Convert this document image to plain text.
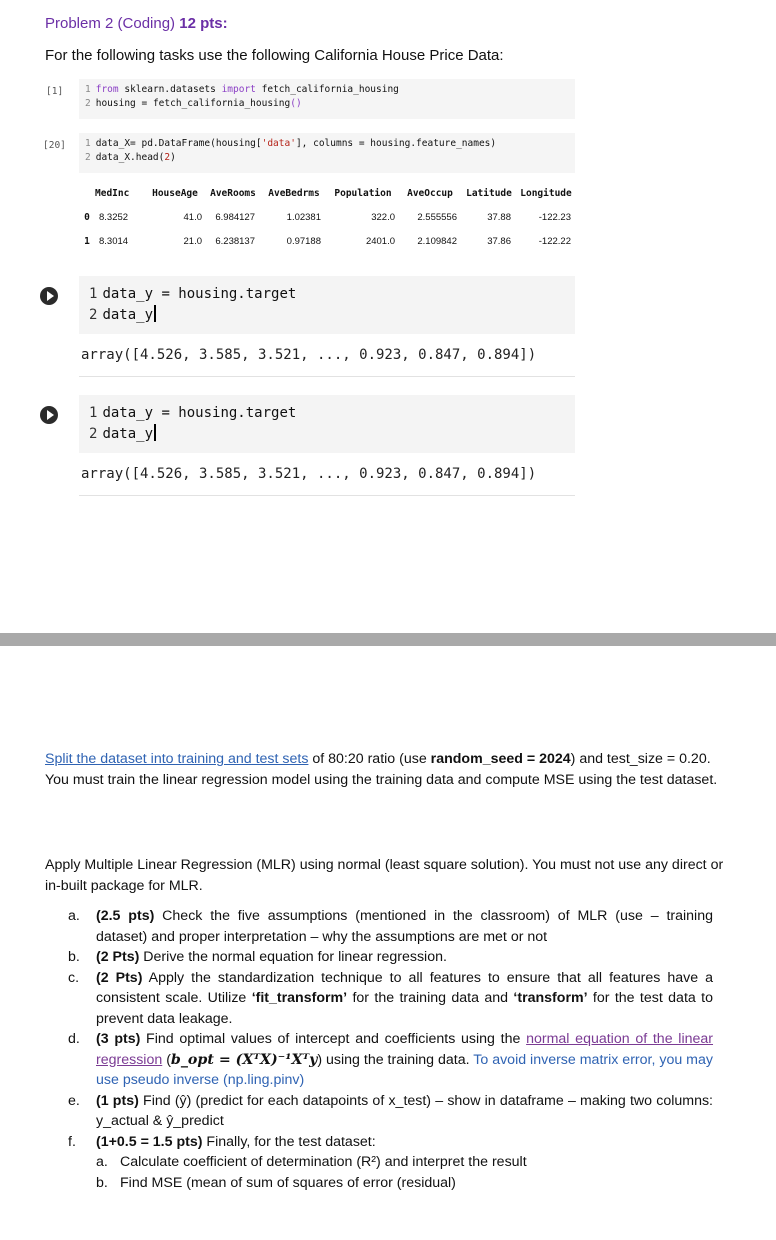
Problem 2 (Coding) 12 pts:
For the following tasks use the following California House Price Data:
[1] 1 from sklearn.datasets import fetch_california_housing
2 housing = fetch_california_housing()
[20] 1 data_X= pd.DataFrame(housing['data'], columns = housing.feature_names)
2 data_X.head(2)
	MedInc	HouseAge	AveRooms	AveBedrms	Population	AveOccup	Latitude	Longitude
0	8.3252	41.0	6.984127	1.02381	322.0	2.555556	37.88	-122.23
1	8.3014	21.0	6.238137	0.97188	2401.0	2.109842	37.86	-122.22
1 data_y = housing.target
2 data_y
array([4.526, 3.585, 3.521, ..., 0.923, 0.847, 0.894])
1 data_y = housing.target
2 data_y
array([4.526, 3.585, 3.521, ..., 0.923, 0.847, 0.894])
Split the dataset into training and test sets of 80:20 ratio (use random_seed = 2024) and test_size = 0.20. You must train the linear regression model using the training data and compute MSE using the test dataset.
Apply Multiple Linear Regression (MLR) using normal (least square solution). You must not use any direct or in-built package for MLR.
a. (2.5 pts) Check the five assumptions (mentioned in the classroom) of MLR (use – training dataset) and proper interpretation – why the assumptions are met or not
b. (2 Pts) Derive the normal equation for linear regression.
c. (2 Pts) Apply the standardization technique to all features to ensure that all features have a consistent scale. Utilize ‘fit_transform’ for the training data and ‘transform’ for the test data to prevent data leakage.
d. (3 pts) Find optimal values of intercept and coefficients using the normal equation of the linear regression (b_opt = (XᵀX)⁻¹Xᵀy) using the training data. To avoid inverse matrix error, you may use pseudo inverse (np.ling.pinv)
e. (1 pts) Find (ŷ) (predict for each datapoints of x_test) – show in dataframe – making two columns: y_actual & ŷ_predict
f. (1+0.5 = 1.5 pts) Finally, for the test dataset:
a. Calculate coefficient of determination (R²) and interpret the result
b. Find MSE (mean of sum of squares of error (residual)
